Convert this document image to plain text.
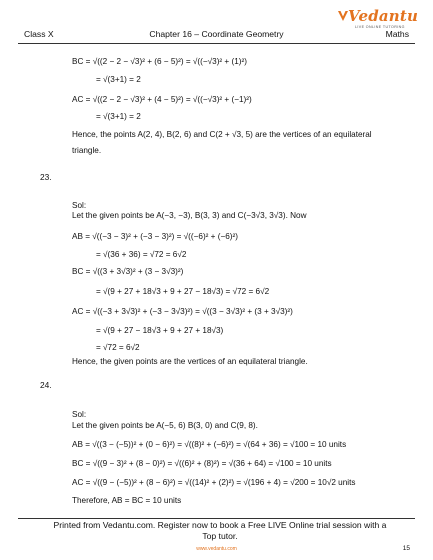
Class X	Chapter 16 – Coordinate Geometry	Maths
Vedantu
LIVE ONLINE TUTORING
BC = √((2 − 2 − √3)² + (6 − 5)²) = √((−√3)² + (1)²)
= √(3+1) = 2
AC = √((2 − 2 − √3)² + (4 − 5)²) = √((−√3)² + (−1)²)
= √(3+1) = 2
Hence, the points A(2, 4), B(2, 6) and C(2 + √3, 5) are the vertices of an equilateral
triangle.
23.
Sol:
Let the given points be A(−3, −3), B(3, 3) and C(−3√3, 3√3). Now
AB = √((−3 − 3)² + (−3 − 3)²) = √((−6)² + (−6)²)
= √(36 + 36) = √72 = 6√2
BC = √((3 + 3√3)² + (3 − 3√3)²)
= √(9 + 27 + 18√3 + 9 + 27 − 18√3) = √72 = 6√2
AC = √((−3 + 3√3)² + (−3 − 3√3)²) = √((3 − 3√3)² + (3 + 3√3)²)
= √(9 + 27 − 18√3 + 9 + 27 + 18√3)
= √72 = 6√2
Hence, the given points are the vertices of an equilateral triangle.
24.
Sol:
Let the given points be A(−5, 6) B(3, 0) and C(9, 8).
AB = √((3 − (−5))² + (0 − 6)²) = √((8)² + (−6)²) = √(64 + 36) = √100 = 10 units
BC = √((9 − 3)² + (8 − 0)²) = √((6)² + (8)²) = √(36 + 64) = √100 = 10 units
AC = √((9 − (−5))² + (8 − 6)²) = √((14)² + (2)²) = √(196 + 4) = √200 = 10√2 units
Therefore, AB = BC = 10 units
Printed from Vedantu.com. Register now to book a Free LIVE Online trial session with a
Top tutor.
www.vedantu.com	15
